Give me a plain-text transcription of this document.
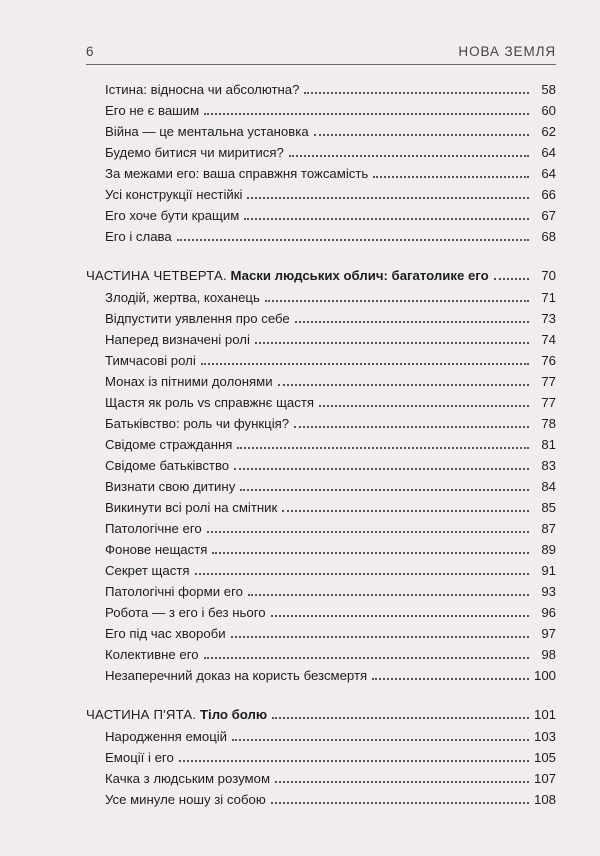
6	НОВА ЗЕМЛЯ
Істина: відносна чи абсолютна?	58
Его не є вашим	60
Війна — це ментальна установка	62
Будемо битися чи миритися?	64
За межами его: ваша справжня тожсамість	64
Усі конструкції нестійкі	66
Его хоче бути кращим	67
Его і слава	68
ЧАСТИНА ЧЕТВЕРТА. Маски людських облич: багатолике его	70
Злодій, жертва, коханець	71
Відпустити уявлення про себе	73
Наперед визначені ролі	74
Тимчасові ролі	76
Монах із пітними долонями	77
Щастя як роль vs справжнє щастя	77
Батьківство: роль чи функція?	78
Свідоме страждання	81
Свідоме батьківство	83
Визнати свою дитину	84
Викинути всі ролі на смітник	85
Патологічне его	87
Фонове нещастя	89
Секрет щастя	91
Патологічні форми его	93
Робота — з его і без нього	96
Его під час хвороби	97
Колективне его	98
Незаперечний доказ на користь безсмертя	100
ЧАСТИНА П'ЯТА. Тіло болю	101
Народження емоцій	103
Емоції і его	105
Качка з людським розумом	107
Усе минуле ношу зі собою	108
